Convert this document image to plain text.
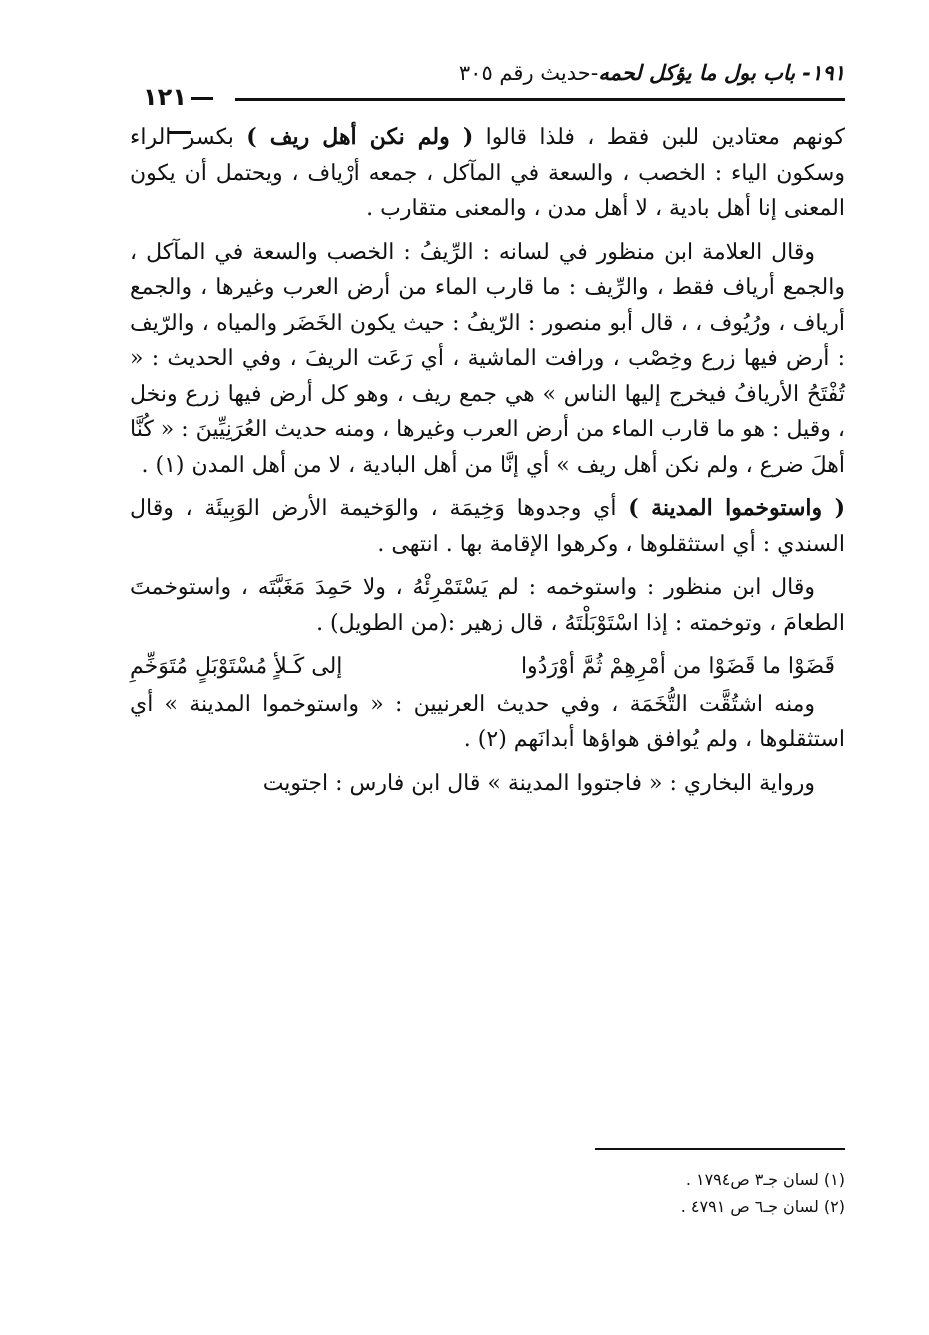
١٩١- باب بول ما يؤكل لحمه-حديث رقم ٣٠٥
١٢١

كونهم معتادين للبن فقط ، فلذا قالوا ( ولم نكن أهل ريف ) بكسر الراء وسكون الياء : الخصب ، والسعة في المآكل ، جمعه أرْياف ، ويحتمل أن يكون المعنى إنا أهل بادية ، لا أهل مدن ، والمعنى متقارب .

وقال العلامة ابن منظور في لسانه : الرِّيفُ : الخصب والسعة في المآكل ، والجمع أرياف فقط ، والرِّيف : ما قارب الماء من أرض العرب وغيرها ، والجمع أرياف ، ورُيُوف ، ، قال أبو منصور : الرّيفُ : حيث يكون الخَضَر والمياه ، والرّيف : أرض فيها زرع وخِصْب ، ورافت الماشية ، أي رَعَت الريفَ ، وفي الحديث : « تُفْتَحُ الأريافُ فيخرج إليها الناس » هي جمع ريف ، وهو كل أرض فيها زرع ونخل ، وقيل : هو ما قارب الماء من أرض العرب وغيرها ، ومنه حديث العُرَنِيِّينَ : « كُنَّا أهلَ ضرع ، ولم نكن أهل ريف » أي إنَّا من أهل البادية ، لا من أهل المدن (١) .

( واستوخموا المدينة ) أي وجدوها وَخِيمَة ، والوَخيمة الأرض الوَبِيئَة ، وقال السندي : أي استثقلوها ، وكرهوا الإقامة بها . انتهى .

وقال ابن منظور : واستوخمه : لم يَسْتَمْرِئْهُ ، ولا حَمِدَ مَغَبَّتَه ، واستوخمتَ الطعامَ ، وتوخمته : إذا اسْتَوْبَلْتَهُ ، قال زهير :(من الطويل) .

قَضَوْا ما قَضَوْا من أمْرِهِمْ ثُمَّ أوْرَدُوا
إلى كَـلأٍ مُسْتَوْبَلٍ مُتَوَخِّمِ

ومنه اشتُقَّت التُّخَمَة ، وفي حديث العرنيين : « واستوخموا المدينة » أي استثقلوها ، ولم يُوافق هواؤها أبدانَهم (٢) .

ورواية البخاري : « فاجتووا المدينة » قال ابن فارس : اجتويت

(١) لسان جـ٣ ص١٧٩٤ .

(٢) لسان جـ٦ ص ٤٧٩١ .
